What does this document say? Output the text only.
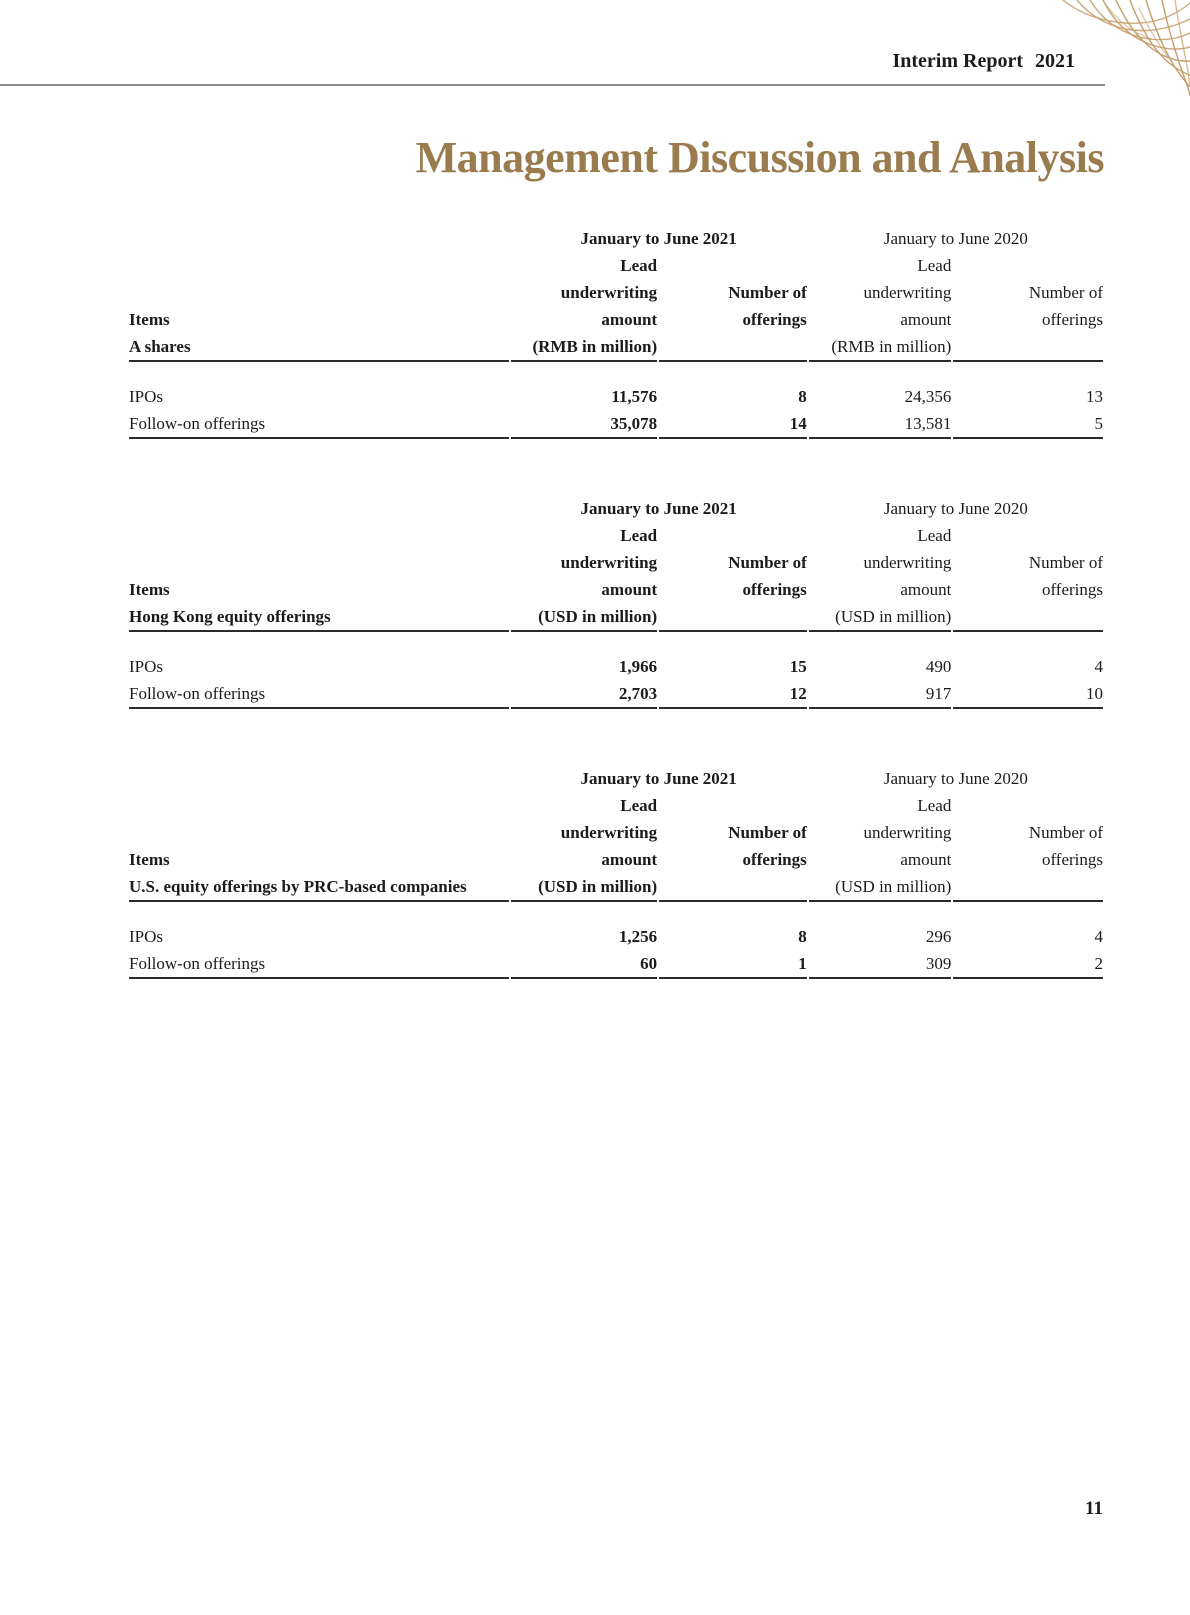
Interim Report 2021
Management Discussion and Analysis
	January to June 2021		January to June 2020	
	Lead		Lead	
	underwriting	Number of	underwriting	Number of
Items	amount	offerings	amount	offerings
A shares	(RMB in million)		(RMB in million)	

IPOs	11,576	8	24,356	13
Follow-on offerings	35,078	14	13,581	5
	January to June 2021		January to June 2020	
	Lead		Lead	
	underwriting	Number of	underwriting	Number of
Items	amount	offerings	amount	offerings
Hong Kong equity offerings	(USD in million)		(USD in million)	

IPOs	1,966	15	490	4
Follow-on offerings	2,703	12	917	10
	January to June 2021		January to June 2020	
	Lead		Lead	
	underwriting	Number of	underwriting	Number of
Items	amount	offerings	amount	offerings
U.S. equity offerings by PRC-based companies	(USD in million)		(USD in million)	

IPOs	1,256	8	296	4
Follow-on offerings	60	1	309	2
11
